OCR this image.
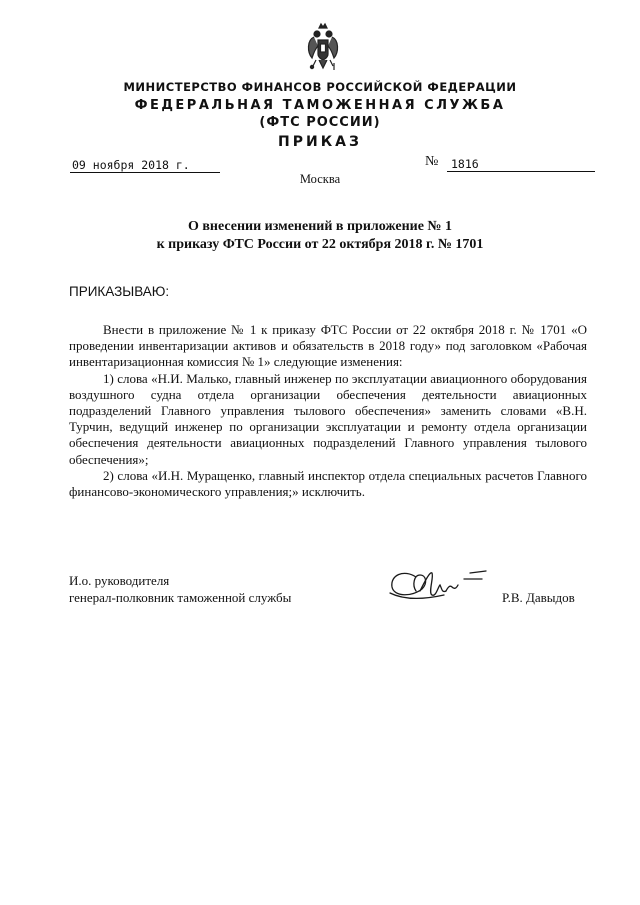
МИНИСТЕРСТВО ФИНАНСОВ РОССИЙСКОЙ ФЕДЕРАЦИИ
ФЕДЕРАЛЬНАЯ ТАМОЖЕННАЯ СЛУЖБА
(ФТС РОССИИ)
ПРИКАЗ
09 ноября 2018 г.	№	1816
Москва
О внесении изменений в приложение № 1
к приказу ФТС России от 22 октября 2018 г. № 1701
ПРИКАЗЫВАЮ:

Внести в приложение № 1 к приказу ФТС России от 22 октября 2018 г. № 1701 «О проведении инвентаризации активов и обязательств в 2018 году» под заголовком «Рабочая инвентаризационная комиссия № 1» следующие изменения:

1) слова «Н.И. Малько, главный инженер по эксплуатации авиационного оборудования воздушного судна отдела организации обеспечения деятельности авиационных подразделений Главного управления тылового обеспечения» заменить словами «В.Н. Турчин, ведущий инженер по организации эксплуатации и ремонту отдела организации обеспечения деятельности авиационных подразделений Главного управления тылового обеспечения»;

2) слова «И.Н. Муращенко, главный инспектор отдела специальных расчетов Главного финансово-экономического управления;» исключить.

И.о. руководителя
генерал-полковник таможенной службы	Р.В. Давыдов
